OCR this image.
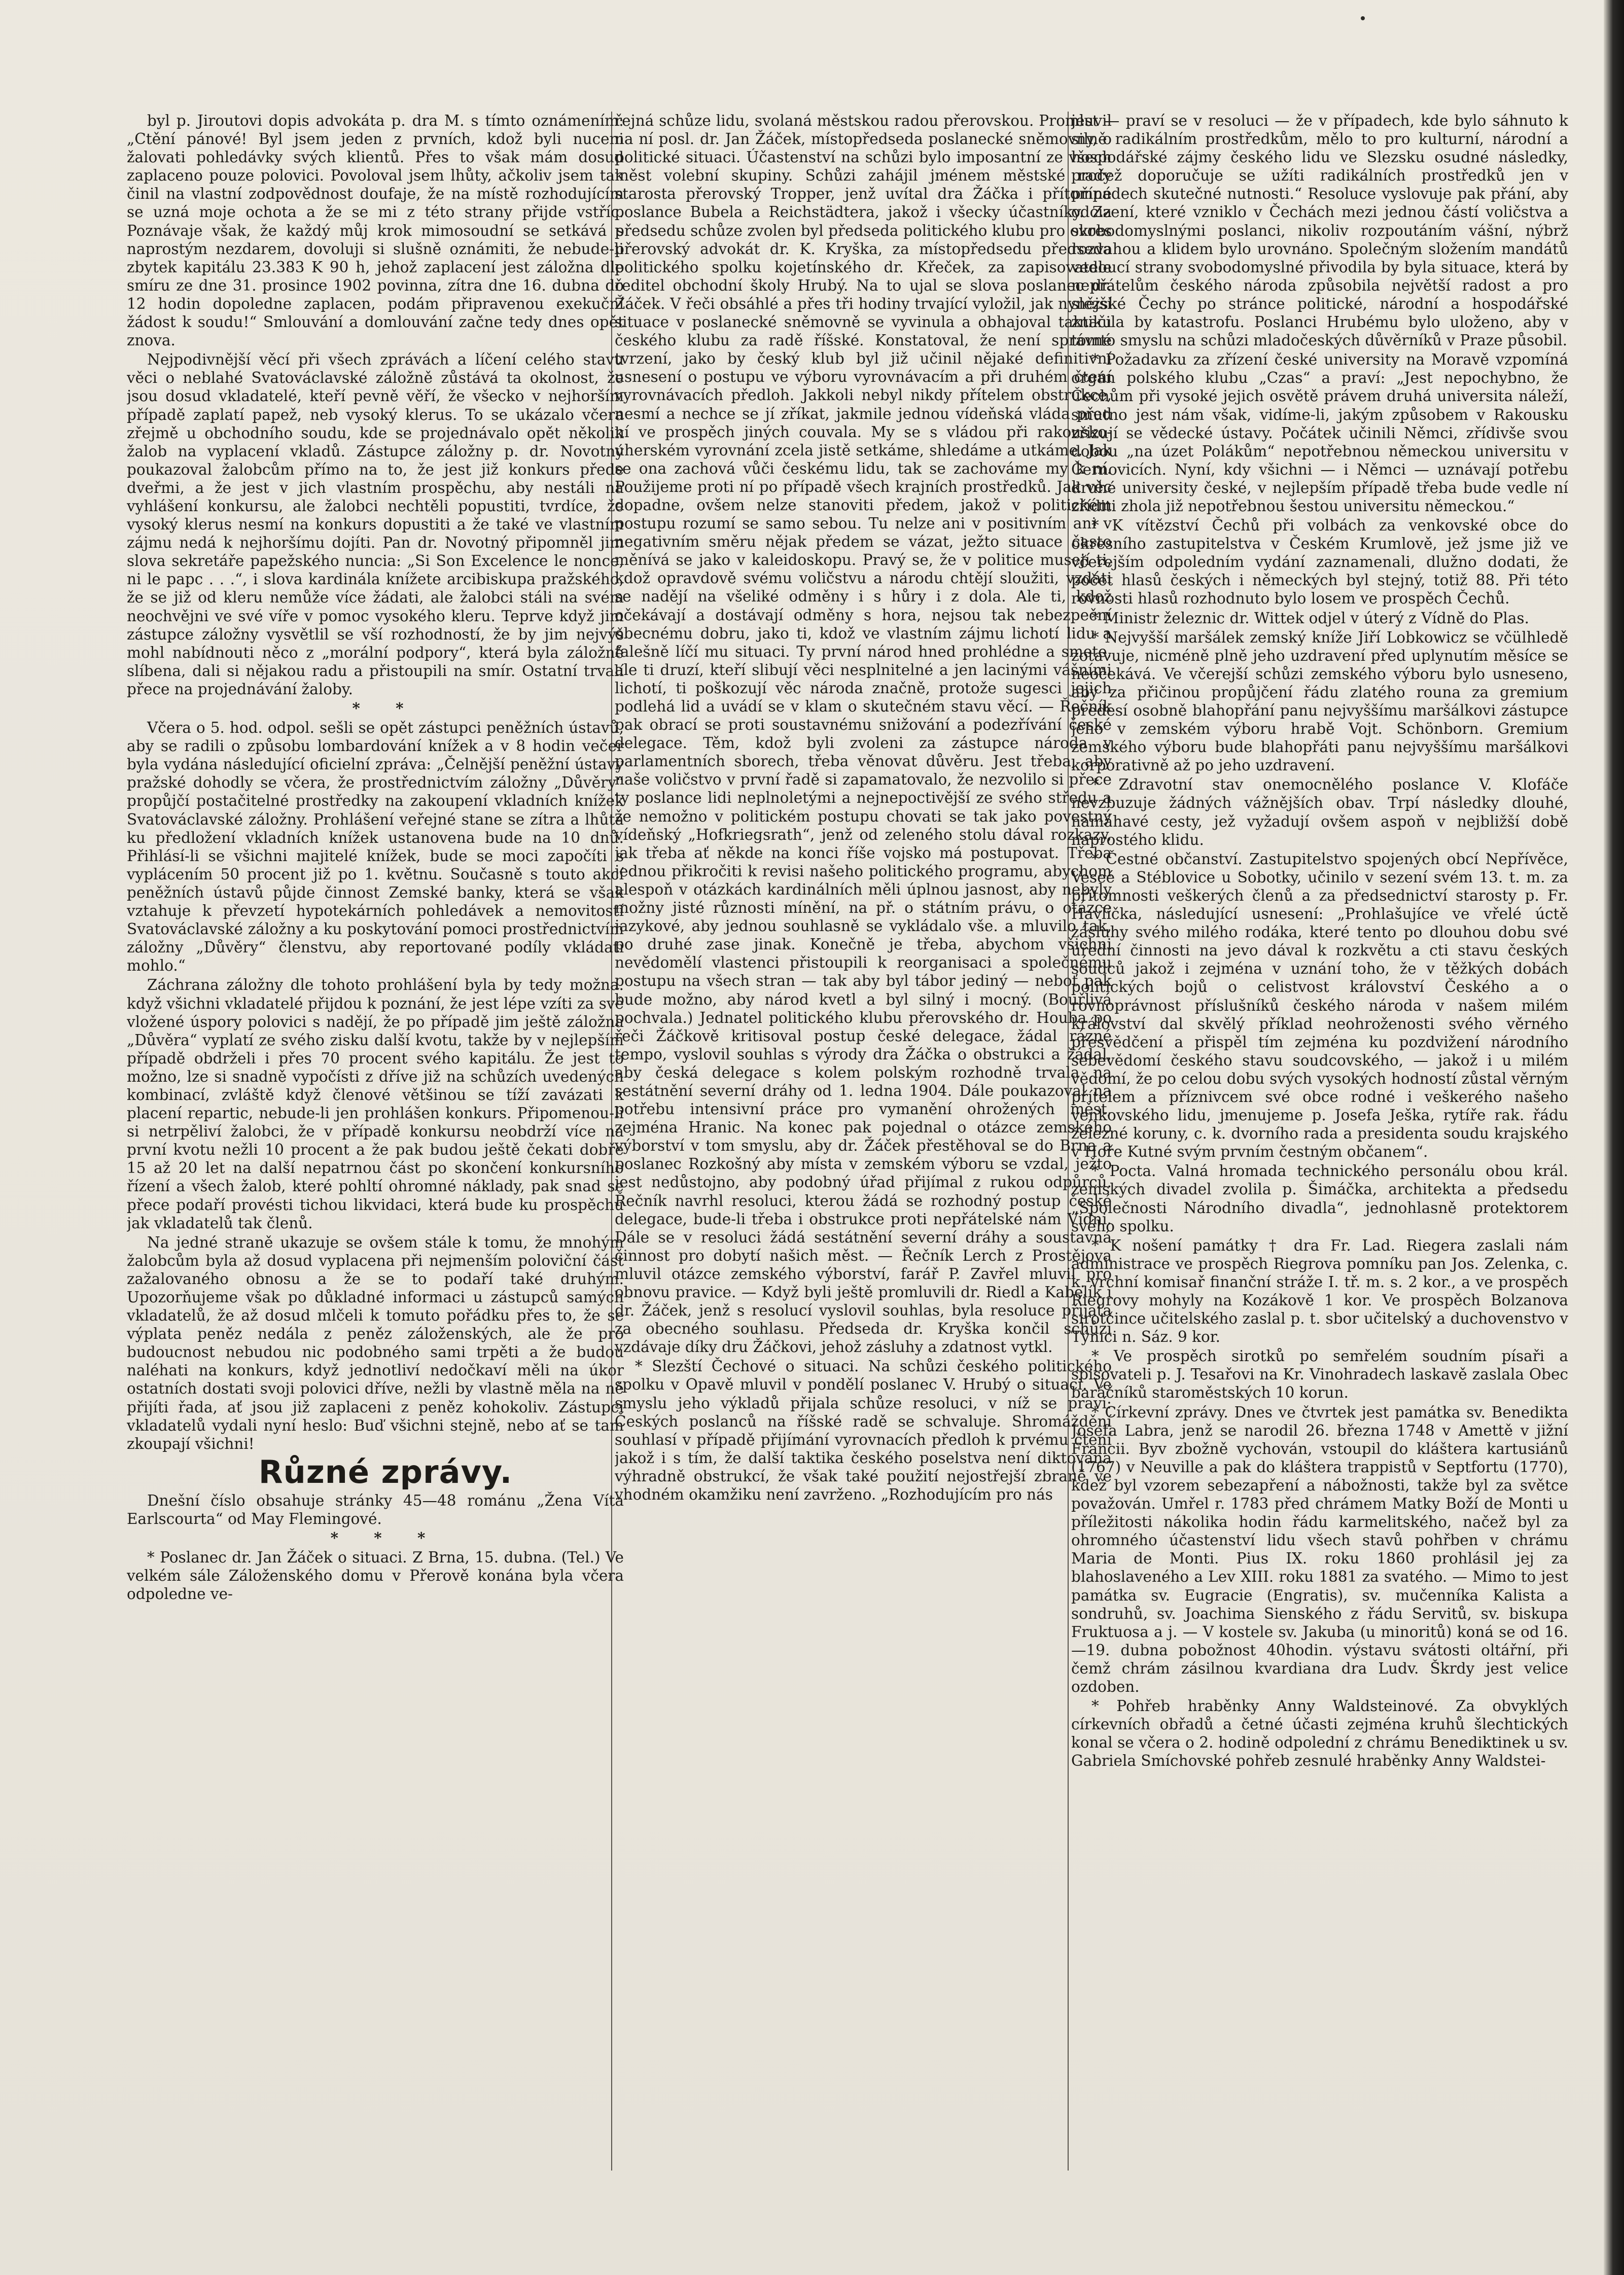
byl p. Jiroutovi dopis advokáta p. dra M. s tímto oznámením: „Ctění pánové! Byl jsem jeden z prvních, kdož byli nuceni žalovati pohledávky svých klientů. Přes to však mám dosud zaplaceno pouze polovici. Povoloval jsem lhůty, ačkoliv jsem tak činil na vlastní zodpovědnost doufaje, že na místě rozhodujícím se uzná moje ochota a že se mi z této strany přijde vstříc. Poznávaje však, že každý můj krok mimosoudní se setkává s naprostým nezdarem, dovoluji si slušně oznámiti, že nebude-li zbytek kapitálu 23.383 K 90 h, jehož zaplacení jest záložna dle smíru ze dne 31. prosince 1902 povinna, zítra dne 16. dubna do 12 hodin dopoledne zaplacen, podám připravenou exekuční žádost k soudu!“ Smlouvání a domlouvání začne tedy dnes opět znova.

Nejpodivnější věcí při všech zprávách a líčení celého stavu věci o neblahé Svatováclavské záložně zůstává ta okolnost, že jsou dosud vkladatelé, kteří pevně věří, že všecko v nejhorším případě zaplatí papež, neb vysoký klerus. To se ukázalo včera zřejmě u obchodního soudu, kde se projednávalo opět několik žalob na vyplacení vkladů. Zástupce záložny p. dr. Novotný poukazoval žalobcům přímo na to, že jest již konkurs přede dveřmi, a že jest v jich vlastním prospěchu, aby nestáli na vyhlášení konkursu, ale žalobci nechtěli popustiti, tvrdíce, že vysoký klerus nesmí na konkurs dopustiti a že také ve vlastním zájmu nedá k nejhoršímu dojíti. Pan dr. Novotný připomněl jim slova sekretáře papežského nuncia: „Si Son Excelence le nonce, ni le papc . . .“, i slova kardinála knížete arcibiskupa pražského, že se již od kleru nemůže více žádati, ale žalobci stáli na svém neochvějni ve své víře v pomoc vysokého kleru. Teprve když jim zástupce záložny vysvětlil se vší rozhodností, že by jim nejvýš mohl nabídnouti něco z „morální podpory“, která byla záložně slíbena, dali si nějakou radu a přistoupili na smír. Ostatní trvalí přece na projednávání žaloby.

* *

Včera o 5. hod. odpol. sešli se opět zástupci peněžních ústavů, aby se radili o způsobu lombardování knížek a v 8 hodin večer byla vydána následující oficielní zpráva: „Čelnější peněžní ústavy pražské dohodly se včera, že prostřednictvím záložny „Důvěry“ propůjčí postačitelné prostředky na zakoupení vkladních knížek Svatováclavské záložny. Prohlášení veřejné stane se zítra a lhůta ku předložení vkladních knížek ustanovena bude na 10 dnů. Přihlásí-li se všichni majitelé knížek, bude se moci započíti s vyplácením 50 procent již po 1. květnu. Současně s touto akcí peněžních ústavů půjde činnost Zemské banky, která se však vztahuje k převzetí hypotekárních pohledávek a nemovitostí Svatováclavské záložny a ku poskytování pomoci prostřednictvím záložny „Důvěry“ členstvu, aby reportované podíly vkládati mohlo.“

Záchrana záložny dle tohoto prohlášení byla by tedy možna. když všichni vkladatelé přijdou k poznání, že jest lépe vzíti za své vložené úspory polovici s nadějí, že po případě jim ještě záložna „Důvěra“ vyplatí ze svého zisku další kvotu, takže by v nejlepším případě obdrželi i přes 70 procent svého kapitálu. Že jest to možno, lze si snadně vypočísti z dříve již na schůzích uvedených kombinací, zvláště když členové většinou se tíží zavázati k placení repartic, nebude-li jen prohlášen konkurs. Připomenou-li si netrpěliví žalobci, že v případě konkursu neobdrží více na první kvotu nežli 10 procent a že pak budou ještě čekati dobře 15 až 20 let na další nepatrnou část po skončení konkursního řízení a všech žalob, které pohltí ohromné náklady, pak snad se přece podaří provésti tichou likvidaci, která bude ku prospěchu jak vkladatelů tak členů.

Na jedné straně ukazuje se ovšem stále k tomu, že mnohým žalobcům byla až dosud vyplacena při nejmenším poloviční část zažalovaného obnosu a že se to podaří také druhým. Upozorňujeme však po důkladné informaci u zástupců samých vkladatelů, že až dosud mlčeli k tomuto pořádku přes to, že se výplata peněz nedála z peněz záloženských, ale že pro budoucnost nebudou nic podobného sami trpěti a že budou naléhati na konkurs, když jednotliví nedočkaví měli na úkor ostatních dostati svoji polovici dříve, nežli by vlastně měla na ně přijíti řada, ať jsou již zaplaceni z peněz kohokoliv. Zástupci vkladatelů vydali nyní heslo: Buď všichni stejně, nebo ať se tam zkoupají všichni!

Různé zprávy.

Dnešní číslo obsahuje stránky 45—48 románu „Žena Víta Earlscourta“ od May Flemingové.

* * *

* Poslanec dr. Jan Žáček o situaci. Z Brna, 15. dubna. (Tel.) Ve velkém sále Záloženského domu v Přerově konána byla včera odpoledne ve-

řejná schůze lidu, svolaná městskou radou přerovskou. Promluvil na ní posl. dr. Jan Žáček, místopředseda poslanecké sněmovny, o politické situaci. Účastenství na schůzi bylo imposantní ze všech měst volební skupiny. Schůzi zahájil jménem městské rady starosta přerovský Tropper, jenž uvítal dra Žáčka i přítomné poslance Bubela a Reichstädtera, jakož i všecky účastníky. Za předsedu schůze zvolen byl předseda politického klubu pro okres přerovský advokát dr. K. Kryška, za místopředsedu předseda politického spolku kojetínského dr. Křeček, za zapisovatele ředitel obchodní školy Hrubý. Na to ujal se slova poslanec dr. Žáček. V řeči obsáhlé a přes tři hodiny trvající vyložil, jak nynější situace v poslanecké sněmovně se vyvinula a obhajoval taktiku českého klubu za radě říšské. Konstatoval, že není správné tvrzení, jako by český klub byl již učinil nějaké definitivní usnesení o postupu ve výboru vyrovnávacím a při druhém čtení vyrovnávacích předloh. Jakkoli nebyl nikdy přítelem obstrukce, nesmí a nechce se jí zříkat, jakmile jednou vídeňská vláda před ní ve prospěch jiných couvala. My se s vládou při rakousko-uherském vyrovnání zcela jistě setkáme, shledáme a utkáme. Jak se ona zachová vůči českému lidu, tak se zachováme my k ní. Použijeme proti ní po případě všech krajních prostředků. Jak věc dopadne, ovšem nelze stanoviti předem, jakož v politickém postupu rozumí se samo sebou. Tu nelze ani v positivním ani v negativním směru nějak předem se vázat, ježto situace často měnívá se jako v kaleidoskopu. Pravý se, že v politice musejí ti, kdož opravdově svému voličstvu a národu chtějí sloužiti, vzdáti se nadějí na všeliké odměny i s hůry i z dola. Ale ti, kdož očekávají a dostávají odměny s hora, nejsou tak nebezpeční obecnému dobru, jako ti, kdož ve vlastním zájmu lichotí lidu a falešně líčí mu situaci. Ty první národ hned prohlédne a smete, ale ti druzí, kteří slibují věci nesplnitelné a jen lacinými vášními lichotí, ti poškozují věc národa značně, protože sugesci jejich podlehá lid a uvádí se v klam o skutečném stavu věcí. — Řečník pak obrací se proti soustavnému snižování a podezřívání české delegace. Těm, kdož byli zvoleni za zástupce národa v parlamentních sborech, třeba věnovat důvěru. Jest třeba, aby naše voličstvo v první řadě si zapamatovalo, že nezvolilo si přece ty poslance lidi neplnoletými a nejnepoctivější ze svého středu a že nemožno v politickém postupu chovati se tak jako povestný vídeňský „Hofkriegsrath“, jenž od zeleného stolu dával rozkazy, jak třeba ať někde na konci říše vojsko má postupovat. Třeba jednou přikročiti k revisi našeho politického programu, abychom alespoň v otázkách kardinálních měli úplnou jasnost, aby nebyly možny jisté různosti mínění, na př. o státním právu, o otázce jazykové, aby jednou souhlasně se vykládalo vše. a mluvilo tak, po druhé zase jinak. Konečně je třeba, abychom všichni nevědomělí vlastenci přistoupili k reorganisaci a společnému postupu na všech stran — tak aby byl tábor jediný — neboť pak bude možno, aby národ kvetl a byl silný i mocný. (Bouřlivá pochvala.) Jednatel politického klubu přerovského dr. Houba po řeči Žáčkově kritisoval postup české delegace, žádal rázné tempo, vyslovil souhlas s výrody dra Žáčka o obstrukci a žádal, aby česká delegace s kolem polským rozhodně trvala na sestátnění severní dráhy od 1. ledna 1904. Dále poukazoval na potřebu intensivní práce pro vymanění ohrožených měst, zejména Hranic. Na konec pak pojednal o otázce zemského výborství v tom smyslu, aby dr. Žáček přestěhoval se do Brna a poslanec Rozkošný aby místa v zemském výboru se vzdal, ježto jest nedůstojno, aby podobný úřad přijímal z rukou odpůrců. Řečník navrhl resoluci, kterou žádá se rozhodný postup české delegace, bude-li třeba i obstrukce proti nepřátelské nám Vídni. Dále se v resoluci žádá sestátnění severní dráhy a soustavná činnost pro dobytí našich měst. — Řečník Lerch z Prostějova mluvil otázce zemského výborství, farář P. Zavřel mluvil pro obnovu pravice. — Když byli ještě promluvili dr. Riedl a Kabelík i dr. Žáček, jenž s resolucí vyslovil souhlas, byla resoluce přijata za obecného souhlasu. Předseda dr. Kryška končil schůzi vzdávaje díky dru Žáčkovi, jehož zásluhy a zdatnost vytkl.

* Slezští Čechové o situaci. Na schůzi českého politického spolku v Opavě mluvil v pondělí poslanec V. Hrubý o situaci. Ve smyslu jeho výkladů přijala schůze resoluci, v níž se praví: Českých poslanců na říšské radě se schvaluje. Shromáždění souhlasí v případě přijímání vyrovnacích předloh k prvému čtení jakož i s tím, že další taktika českého poselstva není diktována výhradně obstrukcí, že však také použití nejostřejší zbraně ve vhodném okamžiku není zavrženo. „Rozhodujícím pro nás

jest — praví se v resoluci — že v případech, kde bylo sáhnuto k silně radikálním prostředkům, mělo to pro kulturní, národní a hospodářské zájmy českého lidu ve Slezsku osudné následky, pročež doporučuje se užíti radikálních prostředků jen v případech skutečné nutnosti.“ Resoluce vyslovuje pak přání, aby odcizení, které vzniklo v Čechách mezi jednou částí voličstva a svobodomyslnými poslanci, nikoliv rozpoutáním vášní, nýbrž rozvahou a klidem bylo urovnáno. Společným složením mandátů vedoucí strany svobodomyslné přivodila by byla situace, která by nepřátelům českého národa způsobila největší radost a pro slezské Čechy po stránce politické, národní a hospodářské značila by katastrofu. Poslanci Hrubému bylo uloženo, aby v tomto smyslu na schůzi mladočeských důvěrníků v Praze působil.

* Požadavku za zřízení české university na Moravě vzpomíná orgán polského klubu „Czas“ a praví: „Jest nepochybno, že Čechům při vysoké jejich osvětě právem druhá universita náleží, smutno jest nám však, vidíme-li, jakým způsobem v Rakousku zřizují se vědecké ústavy. Počátek učinili Němci, zřídivše svou dobou „na úzet Polákům“ nepotřebnou německou universitu v Černovicích. Nyní, kdy všichni — i Němci — uznávají potřebu druhé university české, v nejlepším případě třeba bude vedle ní zříditi zhola již nepotřebnou šestou universitu německou.“

* K vítězství Čechů při volbách za venkovské obce do okresního zastupitelstva v Českém Krumlově, jež jsme již ve včerejším odpoledním vydání zaznamenali, dlužno dodati, že počet hlasů českých i německých byl stejný, totiž 88. Při této rovnosti hlasů rozhodnuto bylo losem ve prospěch Čechů.

* Ministr železnic dr. Wittek odjel v úterý z Vídně do Plas.

* Nejvyšší maršálek zemský kníže Jiří Lobkowicz se včülhledě zotavuje, nicméně plně jeho uzdravení před uplynutím měsíce se neočekává. Ve včerejší schůzi zemského výboru bylo usneseno, aby za přičinou propůjčení řádu zlatého rouna za gremium predesí osobně blahopřání panu nejvyššímu maršálkovi zástupce jeho v zemském výboru hrabě Vojt. Schönborn. Gremium zemského výboru bude blahopřáti panu nejvyššímu maršálkovi korporativně až po jeho uzdravení.

* Zdravotní stav onemocnělého poslance V. Klofáče nevzbuzuje žádných vážnějších obav. Trpí následky dlouhé, namáhavé cesty, jež vyžadují ovšem aspoň v nejbližší době naprostého klidu.

* Čestné občanství. Zastupitelstvo spojených obcí Nepřívěce, Veseé a Stéblovice u Sobotky, učinilo v sezení svém 13. t. m. za přítomnosti veškerých členů a za předsednictví starosty p. Fr. Havlíčka, následující usnesení: „Prohlašujíce ve vřelé úctě zásluhy svého milého rodáka, které tento po dlouhou dobu své úřední činnosti na jevo dával k rozkvětu a cti stavu českých soudců jakož i zejména v uznání toho, že v těžkých dobách politických bojů o celistvost království Českého a o rovnoprávnost příslušníků českého národa v našem milém království dal skvělý příklad neohroženosti svého věrného přesvědčení a přispěl tím zejména ku pozdvižení národního sebevědomí českého stavu soudcovského, — jakož i u milém vědomí, že po celou dobu svých vysokých hodností zůstal věrným přítelem a příznivcem své obce rodné i veškerého našeho venkovského lidu, jmenujeme p. Josefa Ješka, rytíře rak. řádu železné koruny, c. k. dvorního rada a presidenta soudu krajského v Hoře Kutné svým prvním čestným občanem“.

* Pocta. Valná hromada technického personálu obou král. zemských divadel zvolila p. Šimáčka, architekta a předsedu „Společnosti Národního divadla“, jednohlasně protektorem svého spolku.

* K nošení památky † dra Fr. Lad. Riegera zaslali nám administrace ve prospěch Riegrova pomníku pan Jos. Zelenka, c. k. vrchní komisař finanční stráže I. tř. m. s. 2 kor., a ve prospěch Riegrovy mohyly na Kozákově 1 kor. Ve prospěch Bolzanova sirotčince učitelského zaslal p. t. sbor učitelský a duchovenstvo v Týnici n. Sáz. 9 kor.

* Ve prospěch sirotků po semřelém soudním písaři a spisovateli p. J. Tesařovi na Kr. Vinohradech laskavě zaslala Obec baráčníků staroměstských 10 korun.

* Církevní zprávy. Dnes ve čtvrtek jest památka sv. Benedikta Josefa Labra, jenž se narodil 26. března 1748 v Amettě v jižní Francii. Byv zbožně vychován, vstoupil do kláštera kartusiánů (1767) v Neuville a pak do kláštera trappistů v Septfortu (1770), kdež byl vzorem sebezapření a nábožnosti, takže byl za světce považován. Umřel r. 1783 před chrámem Matky Boží de Monti u příležitosti nákolika hodin řádu karmelitského, načež byl za ohromného účastenství lidu všech stavů pohřben v chrámu Maria de Monti. Pius IX. roku 1860 prohlásil jej za blahoslaveného a Lev XIII. roku 1881 za svatého. — Mimo to jest památka sv. Eugracie (Engratis), sv. mučenníka Kalista a sondruhů, sv. Joachima Sienského z řádu Servitů, sv. biskupa Fruktuosa a j. — V kostele sv. Jakuba (u minoritů) koná se od 16.—19. dubna pobožnost 40hodin. výstavu svátosti oltářní, při čemž chrám zásilnou kvardiana dra Ludv. Škrdy jest velice ozdoben.

* Pohřeb hraběnky Anny Waldsteinové. Za obvyklých církevních obřadů a četné účasti zejména kruhů šlechtických konal se včera o 2. hodině odpolední z chrámu Benediktinek u sv. Gabriela Smíchovské pohřeb zesnulé hraběnky Anny Waldstei-
